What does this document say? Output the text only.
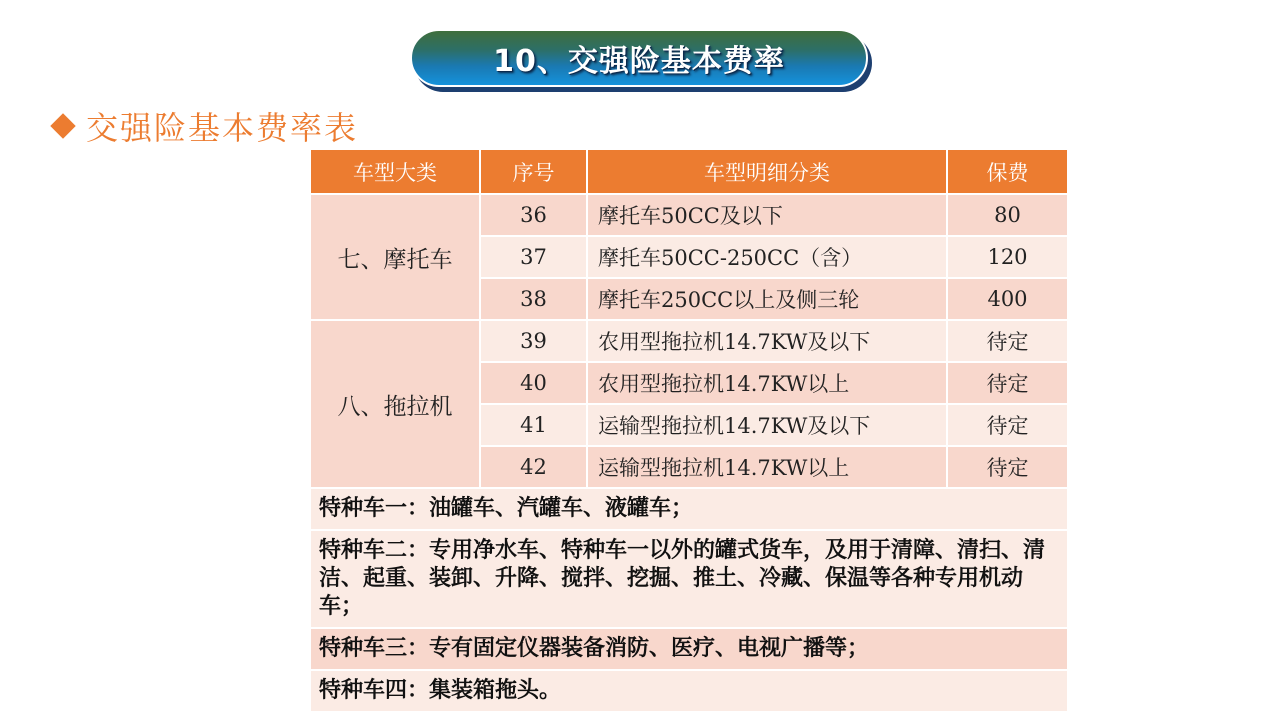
10、交强险基本费率
交强险基本费率表
车型大类	序号	车型明细分类	保费
七、摩托车	36	摩托车50CC及以下	80
	37	摩托车50CC-250CC（含）	120
	38	摩托车250CC以上及侧三轮	400
八、拖拉机	39	农用型拖拉机14.7KW及以下	待定
	40	农用型拖拉机14.7KW以上	待定
	41	运输型拖拉机14.7KW及以下	待定
	42	运输型拖拉机14.7KW以上	待定
特种车一：油罐车、汽罐车、液罐车；			
特种车二：专用净水车、特种车一以外的罐式货车，及用于清障、清扫、清洁、起重、装卸、升降、搅拌、挖掘、推土、冷藏、保温等各种专用机动车；			
特种车三：专有固定仪器装备消防、医疗、电视广播等；			
特种车四：集装箱拖头。			
